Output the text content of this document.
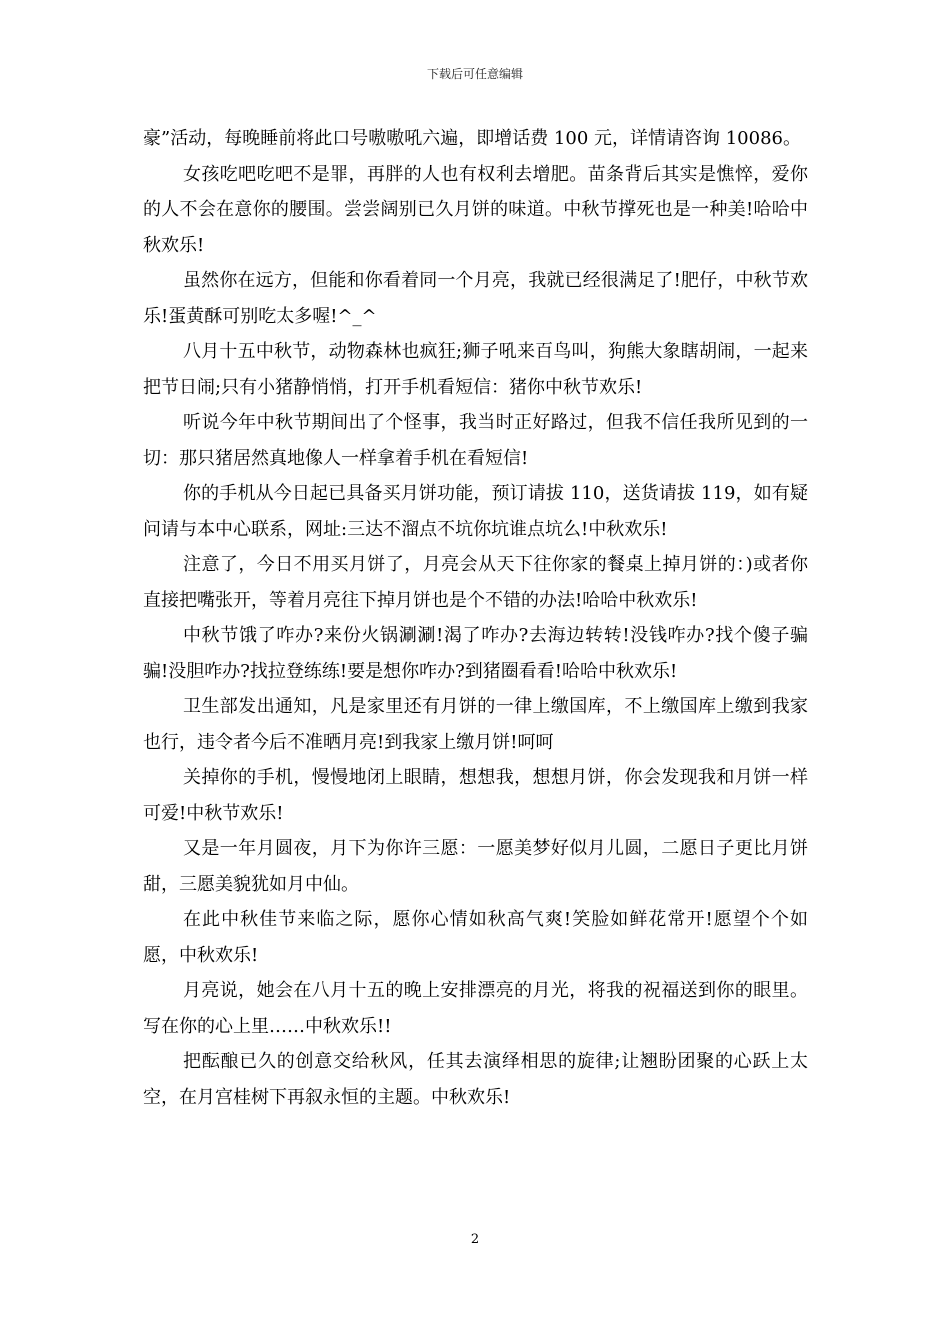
下载后可任意编辑

豪”活动，每晚睡前将此口号嗷嗷吼六遍，即增话费 100 元，详情请咨询 10086。

女孩吃吧吃吧不是罪，再胖的人也有权利去增肥。苗条背后其实是憔悴，爱你的人不会在意你的腰围。尝尝阔别已久月饼的味道。中秋节撑死也是一种美!哈哈中秋欢乐!

虽然你在远方，但能和你看着同一个月亮，我就已经很满足了!肥仔，中秋节欢乐!蛋黄酥可别吃太多喔!^_^

八月十五中秋节，动物森林也疯狂;狮子吼来百鸟叫，狗熊大象瞎胡闹，一起来把节日闹;只有小猪静悄悄，打开手机看短信：猪你中秋节欢乐!

听说今年中秋节期间出了个怪事，我当时正好路过，但我不信任我所见到的一切：那只猪居然真地像人一样拿着手机在看短信!

你的手机从今日起已具备买月饼功能，预订请拔 110，送货请拔 119，如有疑问请与本中心联系，网址:三达不溜点不坑你坑谁点坑么!中秋欢乐!

注意了，今日不用买月饼了，月亮会从天下往你家的餐桌上掉月饼的：)或者你直接把嘴张开，等着月亮往下掉月饼也是个不错的办法!哈哈中秋欢乐!

中秋节饿了咋办?来份火锅涮涮!渴了咋办?去海边转转!没钱咋办?找个傻子骗骗!没胆咋办?找拉登练练!要是想你咋办?到猪圈看看!哈哈中秋欢乐!

卫生部发出通知，凡是家里还有月饼的一律上缴国库，不上缴国库上缴到我家也行，违令者今后不准晒月亮!到我家上缴月饼!呵呵

关掉你的手机，慢慢地闭上眼睛，想想我，想想月饼，你会发现我和月饼一样可爱!中秋节欢乐!

又是一年月圆夜，月下为你许三愿：一愿美梦好似月儿圆，二愿日子更比月饼甜，三愿美貌犹如月中仙。

在此中秋佳节来临之际，愿你心情如秋高气爽!笑脸如鲜花常开!愿望个个如愿，中秋欢乐!

月亮说，她会在八月十五的晚上安排漂亮的月光，将我的祝福送到你的眼里。写在你的心上里……中秋欢乐!!

把酝酿已久的创意交给秋风，任其去演绎相思的旋律;让翘盼团聚的心跃上太空，在月宫桂树下再叙永恒的主题。中秋欢乐!

2
